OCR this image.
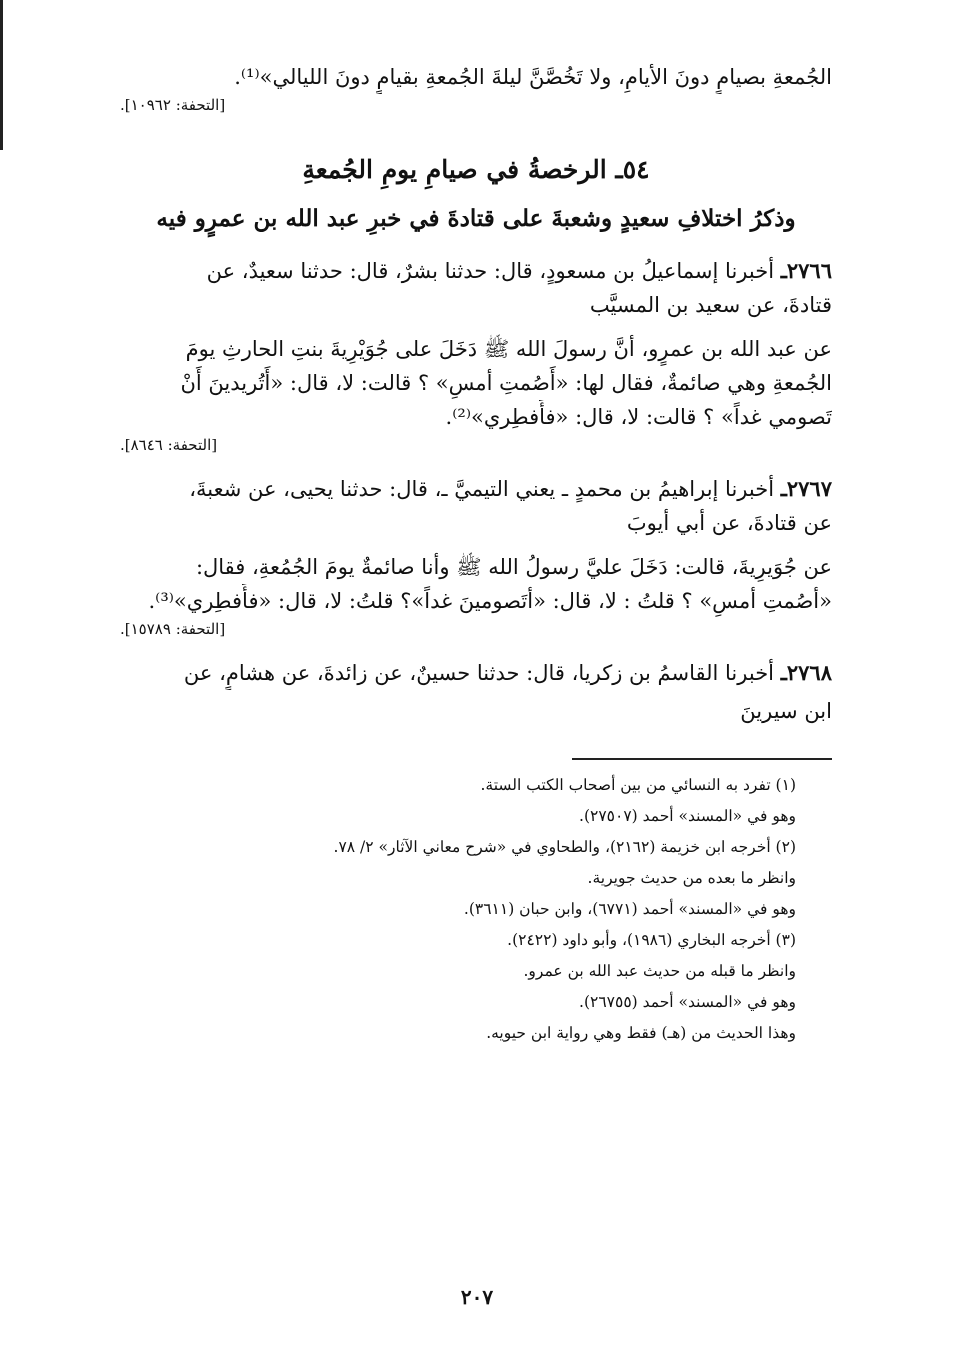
الجُمعةِ بصيامٍ دونَ الأيامِ، ولا تَخُصَّنَّ ليلةَ الجُمعةِ بقيامٍ دونَ الليالي»⁽¹⁾.
[التحفة: ١٠٩٦٢].
٥٤ـ الرخصةُ في صيامِ يومِ الجُمعةِ
وذكرُ اختلافِ سعيدٍ وشعبةَ على قتادةَ في خبرِ عبد الله بن عمرٍو فيه
٢٧٦٦ـ أخبرنا إسماعيلُ بن مسعودٍ، قال: حدثنا بشرٌ، قال: حدثنا سعيدٌ، عن
قتادةَ، عن سعيد بن المسيَّب
عن عبد الله بن عمرٍو، أنَّ رسولَ الله ﷺ دَخَلَ على جُوَيْرِيةَ بنتِ الحارثِ يومَ
الجُمعةِ وهي صائمةٌ، فقال لها: «أَصُمتِ أمسِ» ؟ قالت: لا، قال: «أَتُريدينَ أَنْ
تَصومي غداً» ؟ قالت: لا، قال: «فأَفطِري»⁽²⁾.
[التحفة: ٨٦٤٦].
٢٧٦٧ـ أخبرنا إبراهيمُ بن محمدٍ ـ يعني التيميَّ ـ، قال: حدثنا يحيى، عن شعبةَ،
عن قتادةَ، عن أبي أيوبَ
عن جُوَيرِيةَ، قالت: دَخَلَ عليَّ رسولُ الله ﷺ وأنا صائمةٌ يومَ الجُمُعةِ، فقال:
«أصُمتِ أمسِ» ؟ قلتُ : لا، قال: «أتَصومينَ غداً»؟ قلتُ: لا، قال: «فأَفطِري»⁽³⁾.
[التحفة: ١٥٧٨٩].
٢٧٦٨ـ أخبرنا القاسمُ بن زكريا، قال: حدثنا حسينٌ، عن زائدةَ، عن هشامٍ، عن
ابن سيرينَ
(١) تفرد به النسائي من بين أصحاب الكتب الستة.
وهو في «المسند» أحمد (٢٧٥٠٧).
(٢) أخرجه ابن خزيمة (٢١٦٢)، والطحاوي في «شرح معاني الآثار» ٢/ ٧٨.
وانظر ما بعده من حديث جويرية.
وهو في «المسند» أحمد (٦٧٧١)، وابن حبان (٣٦١١).
(٣) أخرجه البخاري (١٩٨٦)، وأبو داود (٢٤٢٢).
وانظر ما قبله من حديث عبد الله بن عمرو.
وهو في «المسند» أحمد (٢٦٧٥٥).
وهذا الحديث من (هـ) فقط وهي رواية ابن حيويه.
٢٠٧
